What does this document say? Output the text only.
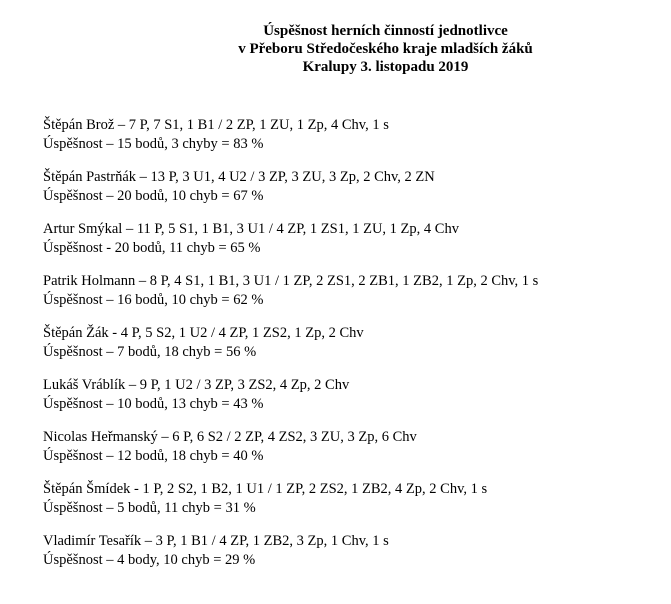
Úspěšnost herních činností jednotlivce
v Přeboru Středočeského kraje mladších žáků
Kralupy 3. listopadu 2019
Štěpán Brož – 7 P, 7 S1, 1 B1 / 2 ZP, 1 ZU, 1 Zp, 4 Chv, 1 s
Úspěšnost – 15 bodů, 3 chyby = 83 %
Štěpán Pastrňák – 13 P, 3 U1, 4 U2 / 3 ZP, 3 ZU, 3 Zp, 2 Chv, 2 ZN
Úspěšnost – 20 bodů, 10 chyb = 67 %
Artur Smýkal – 11 P, 5 S1, 1 B1, 3 U1 / 4 ZP, 1 ZS1, 1 ZU, 1 Zp, 4 Chv
Úspěšnost - 20 bodů, 11 chyb = 65 %
Patrik Holmann – 8 P, 4 S1, 1 B1, 3 U1 / 1 ZP, 2 ZS1, 2 ZB1, 1 ZB2, 1 Zp, 2 Chv, 1 s
Úspěšnost – 16 bodů, 10 chyb = 62 %
Štěpán Žák - 4 P, 5 S2, 1 U2 / 4 ZP, 1 ZS2, 1 Zp, 2 Chv
Úspěšnost – 7 bodů, 18 chyb = 56 %
Lukáš Vráblík – 9 P, 1 U2 / 3 ZP, 3 ZS2, 4 Zp, 2 Chv
Úspěšnost – 10 bodů, 13 chyb = 43 %
Nicolas Heřmanský – 6 P, 6 S2 / 2 ZP, 4 ZS2, 3 ZU, 3 Zp, 6 Chv
Úspěšnost – 12 bodů, 18 chyb = 40 %
Štěpán Šmídek - 1 P, 2 S2, 1 B2, 1 U1 / 1 ZP, 2 ZS2, 1 ZB2, 4 Zp, 2 Chv, 1 s
Úspěšnost – 5 bodů, 11 chyb = 31 %
Vladimír Tesařík – 3 P, 1 B1 / 4 ZP, 1 ZB2, 3 Zp, 1 Chv, 1 s
Úspěšnost – 4 body, 10 chyb = 29 %
